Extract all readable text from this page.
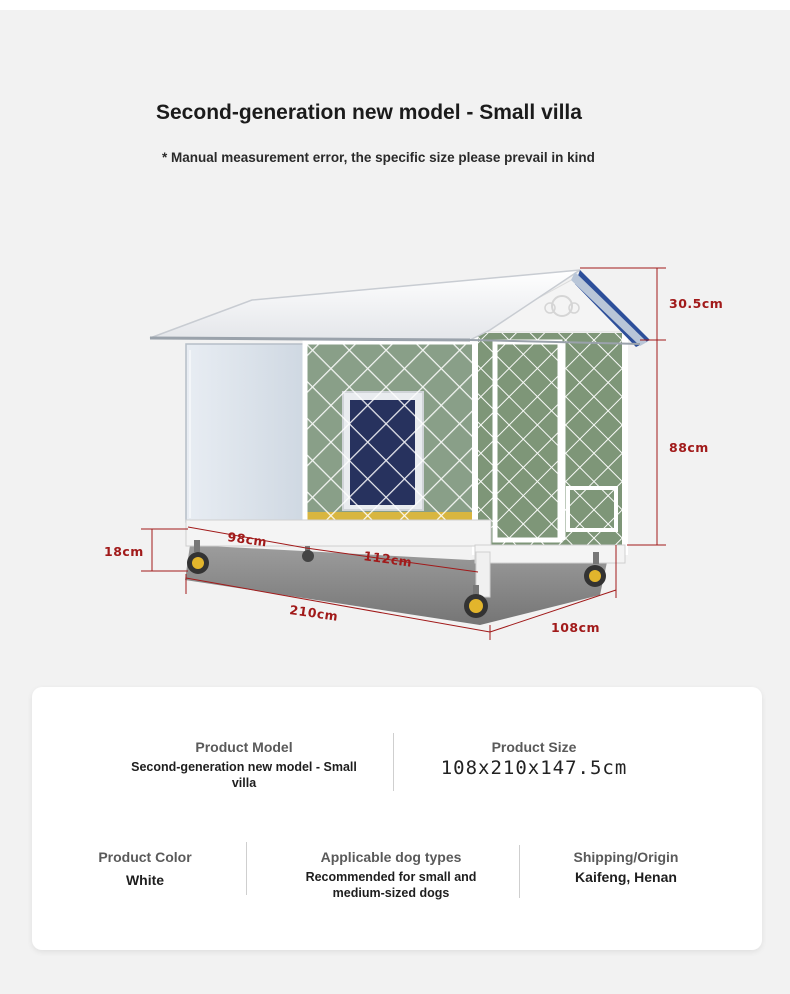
Second-generation new model - Small villa
* Manual measurement error, the specific size please prevail in kind
30.5cm
88cm
18cm
98cm
112cm
210cm
108cm
Product Model
Second-generation new model - Small villa
Product Size
108x210x147.5cm
Product Color
White
Applicable dog types
Recommended for small and medium-sized dogs
Shipping/Origin
Kaifeng, Henan
